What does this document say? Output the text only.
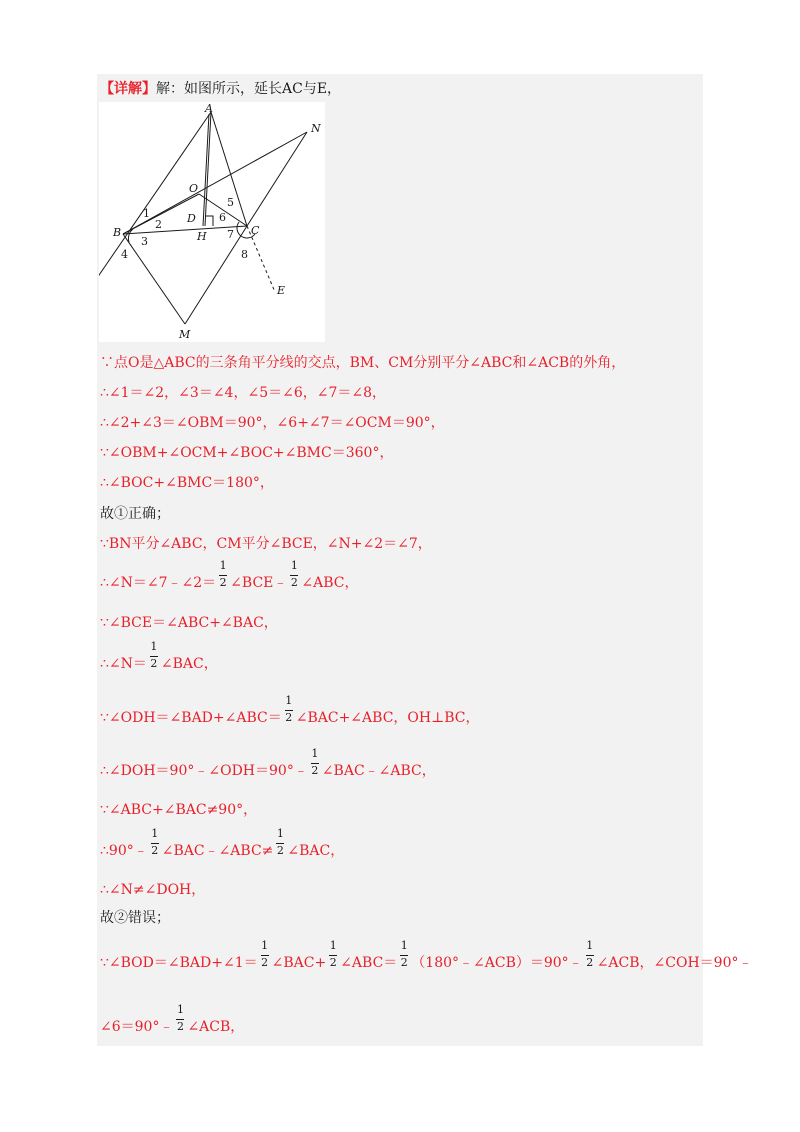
【详解】解：如图所示，延长AC与E，
A
N
O
D
B	H	C
M
E
1
2
3
4
5
6
7
8
∵点O是△ABC的三条角平分线的交点，BM、CM分别平分∠ABC和∠ACB的外角，
∴∠1＝∠2，∠3＝∠4，∠5＝∠6，∠7＝∠8，
∴∠2+∠3＝∠OBM＝90°，∠6+∠7＝∠OCM＝90°，
∵∠OBM+∠OCM+∠BOC+∠BMC＝360°，
∴∠BOC+∠BMC＝180°，
故①正确；
∵BN平分∠ABC，CM平分∠BCE，∠N+∠2＝∠7，
∴∠N＝∠7﹣∠2＝ $\frac{1}{2}$ ∠BCE﹣ $\frac{1}{2}$ ∠ABC，
∵∠BCE＝∠ABC+∠BAC，
∴∠N＝ $\frac{1}{2}$ ∠BAC，
∵∠ODH＝∠BAD+∠ABC＝ $\frac{1}{2}$ ∠BAC+∠ABC，OH⊥BC，
∴∠DOH＝90°﹣∠ODH＝90°﹣ $\frac{1}{2}$ ∠BAC﹣∠ABC，
∵∠ABC+∠BAC≠90°，
∴90°﹣ $\frac{1}{2}$ ∠BAC﹣∠ABC≠ $\frac{1}{2}$ ∠BAC，
∴∠N≠∠DOH，
故②错误；
∵∠BOD＝∠BAD+∠1＝ $\frac{1}{2}$ ∠BAC+ $\frac{1}{2}$ ∠ABC＝ $\frac{1}{2}$ （180°﹣∠ACB）＝90°﹣ $\frac{1}{2}$ ∠ACB，∠COH＝90°﹣
∠6＝90°﹣ $\frac{1}{2}$ ∠ACB，
